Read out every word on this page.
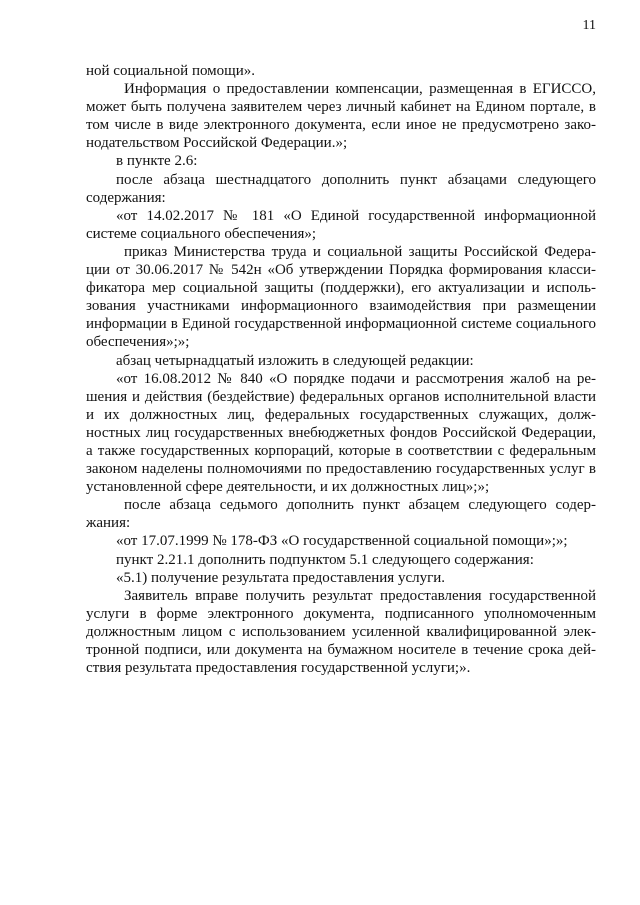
11

ной социальной помощи».

Информация о предоставлении компенсации, размещенная в ЕГИССО, может быть получена заявителем через личный кабинет на Едином портале, в том числе в виде электронного документа, если иное не предусмотрено законодательством Российской Федерации.»;

в пункте 2.6:

после абзаца шестнадцатого дополнить пункт абзацами следующего содержания:

«от 14.02.2017 № 181 «О Единой государственной информационной системе социального обеспечения»;

приказ Министерства труда и социальной защиты Российской Федерации от 30.06.2017 № 542н «Об утверждении Порядка формирования классификатора мер социальной защиты (поддержки), его актуализации и использования участниками информационного взаимодействия при размещении информации в Единой государственной информационной системе социального обеспечения»;»;

абзац четырнадцатый изложить в следующей редакции:

«от 16.08.2012 № 840 «О порядке подачи и рассмотрения жалоб на решения и действия (бездействие) федеральных органов исполнительной власти и их должностных лиц, федеральных государственных служащих, должностных лиц государственных внебюджетных фондов Российской Федерации, а также государственных корпораций, которые в соответствии с федеральным законом наделены полномочиями по предоставлению государственных услуг в установленной сфере деятельности, и их должностных лиц»;»;

после абзаца седьмого дополнить пункт абзацем следующего содержания:

«от 17.07.1999 № 178-ФЗ «О государственной социальной помощи»;»;

пункт 2.21.1 дополнить подпунктом 5.1 следующего содержания:

«5.1) получение результата предоставления услуги.

Заявитель вправе получить результат предоставления государственной услуги в форме электронного документа, подписанного уполномоченным должностным лицом с использованием усиленной квалифицированной электронной подписи, или документа на бумажном носителе в течение срока действия результата предоставления государственной услуги;».
